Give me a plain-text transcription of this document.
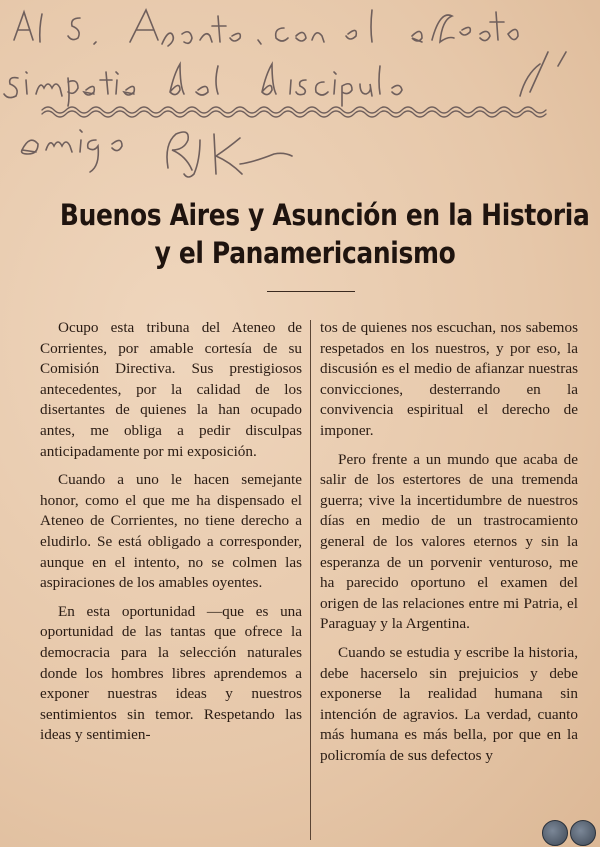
Buenos Aires y Asunción en la Historia
y el Panamericanismo

Ocupo esta tribuna del Ateneo de Corrientes, por amable cortesía de su Comisión Directiva. Sus prestigiosos antecedentes, por la calidad de los disertantes de quienes la han ocupado antes, me obliga a pedir disculpas anticipadamente por mi exposición.

Cuando a uno le hacen semejante honor, como el que me ha dispensado el Ateneo de Corrientes, no tiene derecho a eludirlo. Se está obligado a corresponder, aunque en el intento, no se colmen las aspiraciones de los amables oyentes.

En esta oportunidad —que es una oportunidad de las tantas que ofrece la democracia para la selección naturales donde los hombres libres aprendemos a exponer nuestras ideas y nuestros sentimientos sin temor. Respetando las ideas y sentimien-

tos de quienes nos escuchan, nos sabemos respetados en los nuestros, y por eso, la discusión es el medio de afianzar nuestras convicciones, desterrando en la convivencia espiritual el derecho de imponer.

Pero frente a un mundo que acaba de salir de los estertores de una tremenda guerra; vive la incertidumbre de nuestros días en medio de un trastrocamiento general de los valores eternos y sin la esperanza de un porvenir venturoso, me ha parecido oportuno el examen del origen de las relaciones entre mi Patria, el Paraguay y la Argentina.

Cuando se estudia y escribe la historia, debe hacerselo sin prejuicios y debe exponerse la realidad humana sin intención de agravios. La verdad, cuanto más humana es más bella, por que en la policromía de sus defectos y
